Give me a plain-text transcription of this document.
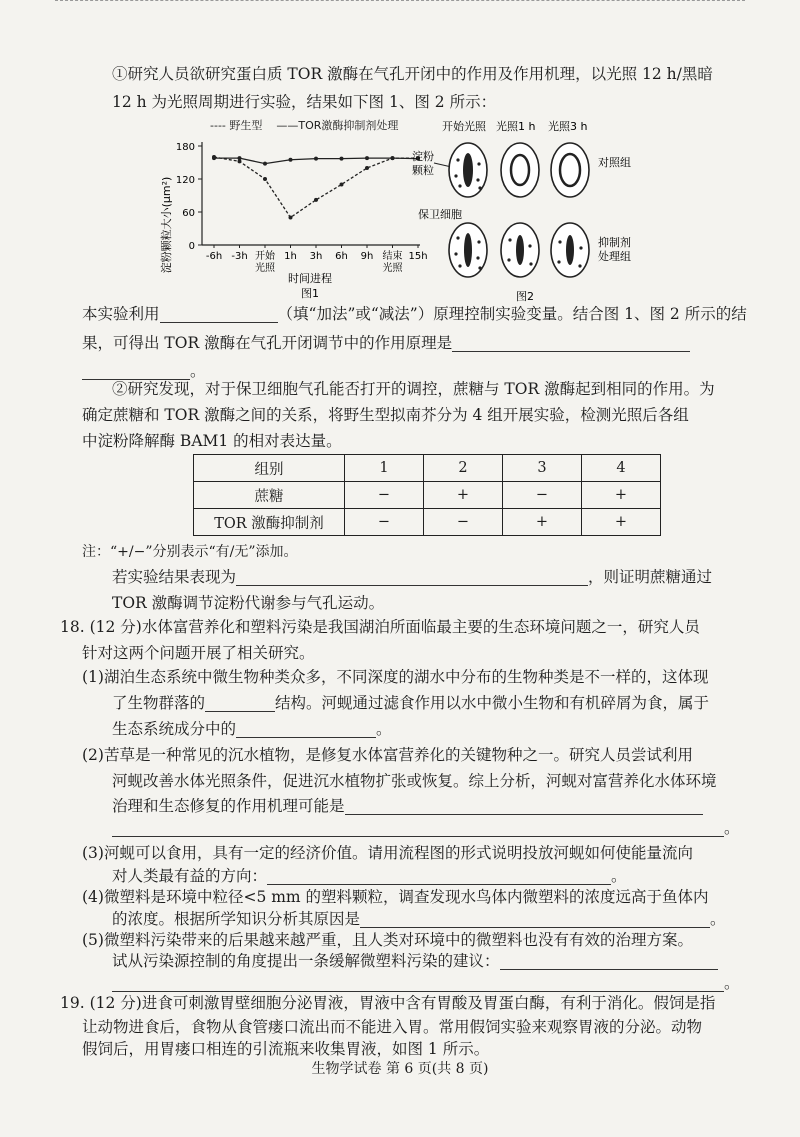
①研究人员欲研究蛋白质 TOR 激酶在气孔开闭中的作用及作用机理，以光照 12 h/黑暗
12 h 为光照周期进行实验，结果如下图 1、图 2 所示：
---- 野生型 ——TOR激酶抑制剂处理
0
60
120
180
-6h -3h 开始
光照
1h 3h 6h 9h 结束
光照
15h
淀粉颗粒大小(μm²)
时间进程
图1
开始光照 光照1 h 光照3 h
淀粉
颗粒
对照组
保卫细胞
抑制剂
处理组
图2
本实验利用	（填“加法”或“减法”）原理控制实验变量。结合图 1、图 2 所示的结
果，可得出 TOR 激酶在气孔开闭调节中的作用原理是
。
②研究发现，对于保卫细胞气孔能否打开的调控，蔗糖与 TOR 激酶起到相同的作用。为
确定蔗糖和 TOR 激酶之间的关系，将野生型拟南芥分为 4 组开展实验，检测光照后各组
中淀粉降解酶 BAM1 的相对表达量。
组别	1	2	3	4
蔗糖	−	+	−	+
TOR 激酶抑制剂	−	−	+	+
注：“+/−”分别表示“有/无”添加。
若实验结果表现为	，则证明蔗糖通过
TOR 激酶调节淀粉代谢参与气孔运动。
18. (12 分)水体富营养化和塑料污染是我国湖泊所面临最主要的生态环境问题之一，研究人员
针对这两个问题开展了相关研究。
(1)湖泊生态系统中微生物种类众多，不同深度的湖水中分布的生物种类是不一样的，这体现
了生物群落的	结构。河蚬通过滤食作用以水中微小生物和有机碎屑为食，属于
生态系统成分中的	。
(2)苦草是一种常见的沉水植物，是修复水体富营养化的关键物种之一。研究人员尝试利用
河蚬改善水体光照条件，促进沉水植物扩张或恢复。综上分析，河蚬对富营养化水体环境
治理和生态修复的作用机理可能是
。
(3)河蚬可以食用，具有一定的经济价值。请用流程图的形式说明投放河蚬如何使能量流向
对人类最有益的方向：	。
(4)微塑料是环境中粒径<5 mm 的塑料颗粒，调查发现水鸟体内微塑料的浓度远高于鱼体内
的浓度。根据所学知识分析其原因是	。
(5)微塑料污染带来的后果越来越严重，且人类对环境中的微塑料也没有有效的治理方案。
试从污染源控制的角度提出一条缓解微塑料污染的建议：
。
19. (12 分)进食可刺激胃壁细胞分泌胃液，胃液中含有胃酸及胃蛋白酶，有利于消化。假饲是指
让动物进食后，食物从食管瘘口流出而不能进入胃。常用假饲实验来观察胃液的分泌。动物
假饲后，用胃瘘口相连的引流瓶来收集胃液，如图 1 所示。
生物学试卷 第 6 页(共 8 页)
